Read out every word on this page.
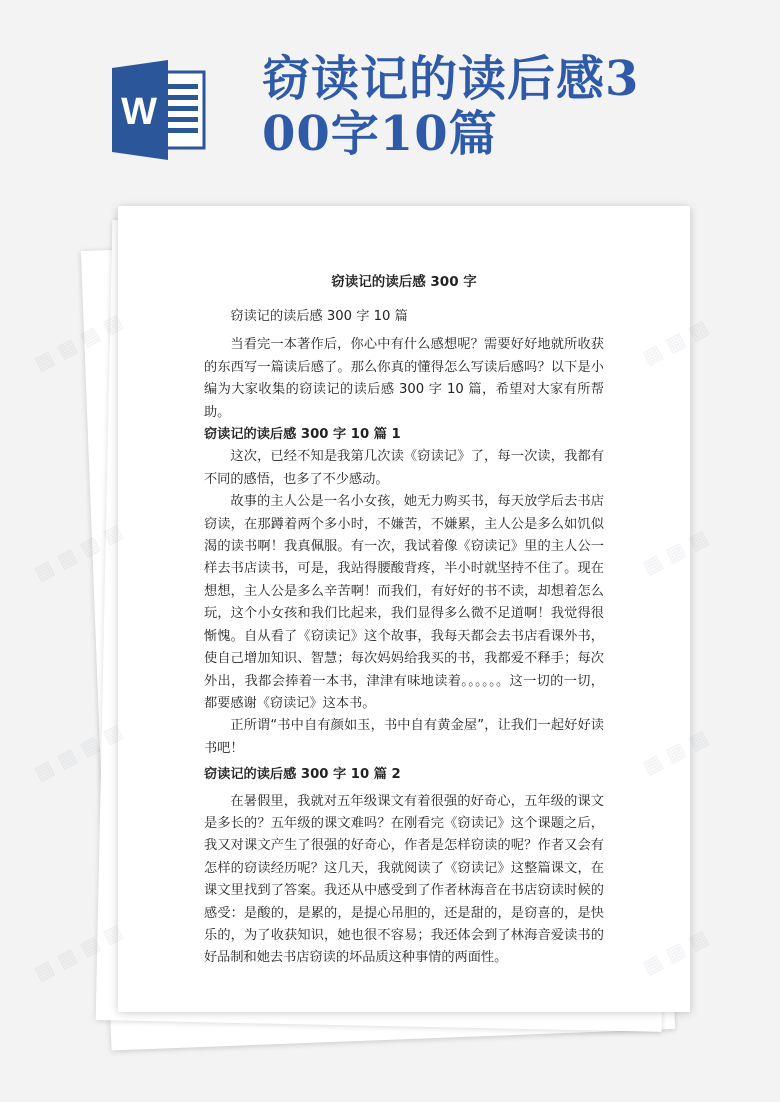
W
窃读记的读后感300字10篇
窃读记的读后感 300 字

窃读记的读后感 300 字 10 篇

当看完一本著作后，你心中有什么感想呢？需要好好地就所收获的东西写一篇读后感了。那么你真的懂得怎么写读后感吗？以下是小编为大家收集的窃读记的读后感 300 字 10 篇，希望对大家有所帮助。

窃读记的读后感 300 字 10 篇 1

这次，已经不知是我第几次读《窃读记》了，每一次读，我都有不同的感悟，也多了不少感动。

故事的主人公是一名小女孩，她无力购买书，每天放学后去书店窃读，在那蹲着两个多小时，不嫌苦，不嫌累，主人公是多么如饥似渴的读书啊！我真佩服。有一次，我试着像《窃读记》里的主人公一样去书店读书，可是，我站得腰酸背疼，半小时就坚持不住了。现在想想，主人公是多么辛苦啊！而我们，有好好的书不读，却想着怎么玩，这个小女孩和我们比起来，我们显得多么微不足道啊！我觉得很惭愧。自从看了《窃读记》这个故事，我每天都会去书店看课外书，使自己增加知识、智慧；每次妈妈给我买的书，我都爱不释手；每次外出，我都会捧着一本书，津津有味地读着。。。。。。这一切的一切，都要感谢《窃读记》这本书。

正所谓“书中自有颜如玉，书中自有黄金屋”，让我们一起好好读书吧！

窃读记的读后感 300 字 10 篇 2

在暑假里，我就对五年级课文有着很强的好奇心，五年级的课文是多长的？五年级的课文难吗？在刚看完《窃读记》这个课题之后，我又对课文产生了很强的好奇心，作者是怎样窃读的呢？作者又会有怎样的窃读经历呢？这几天，我就阅读了《窃读记》这整篇课文，在课文里找到了答案。我还从中感受到了作者林海音在书店窃读时候的感受：是酸的，是累的，是提心吊胆的，还是甜的，是窃喜的，是快乐的，为了收获知识，她也很不容易；我还体会到了林海音爱读书的好品制和她去书店窃读的坏品质这种事情的两面性。

▦ ▦ ▦ ▦	▦
▦ ▦ ▦ ▦	▦
▦ ▦ ▦ ▦	▦
▦ ▦ ▦ ▦	▦
